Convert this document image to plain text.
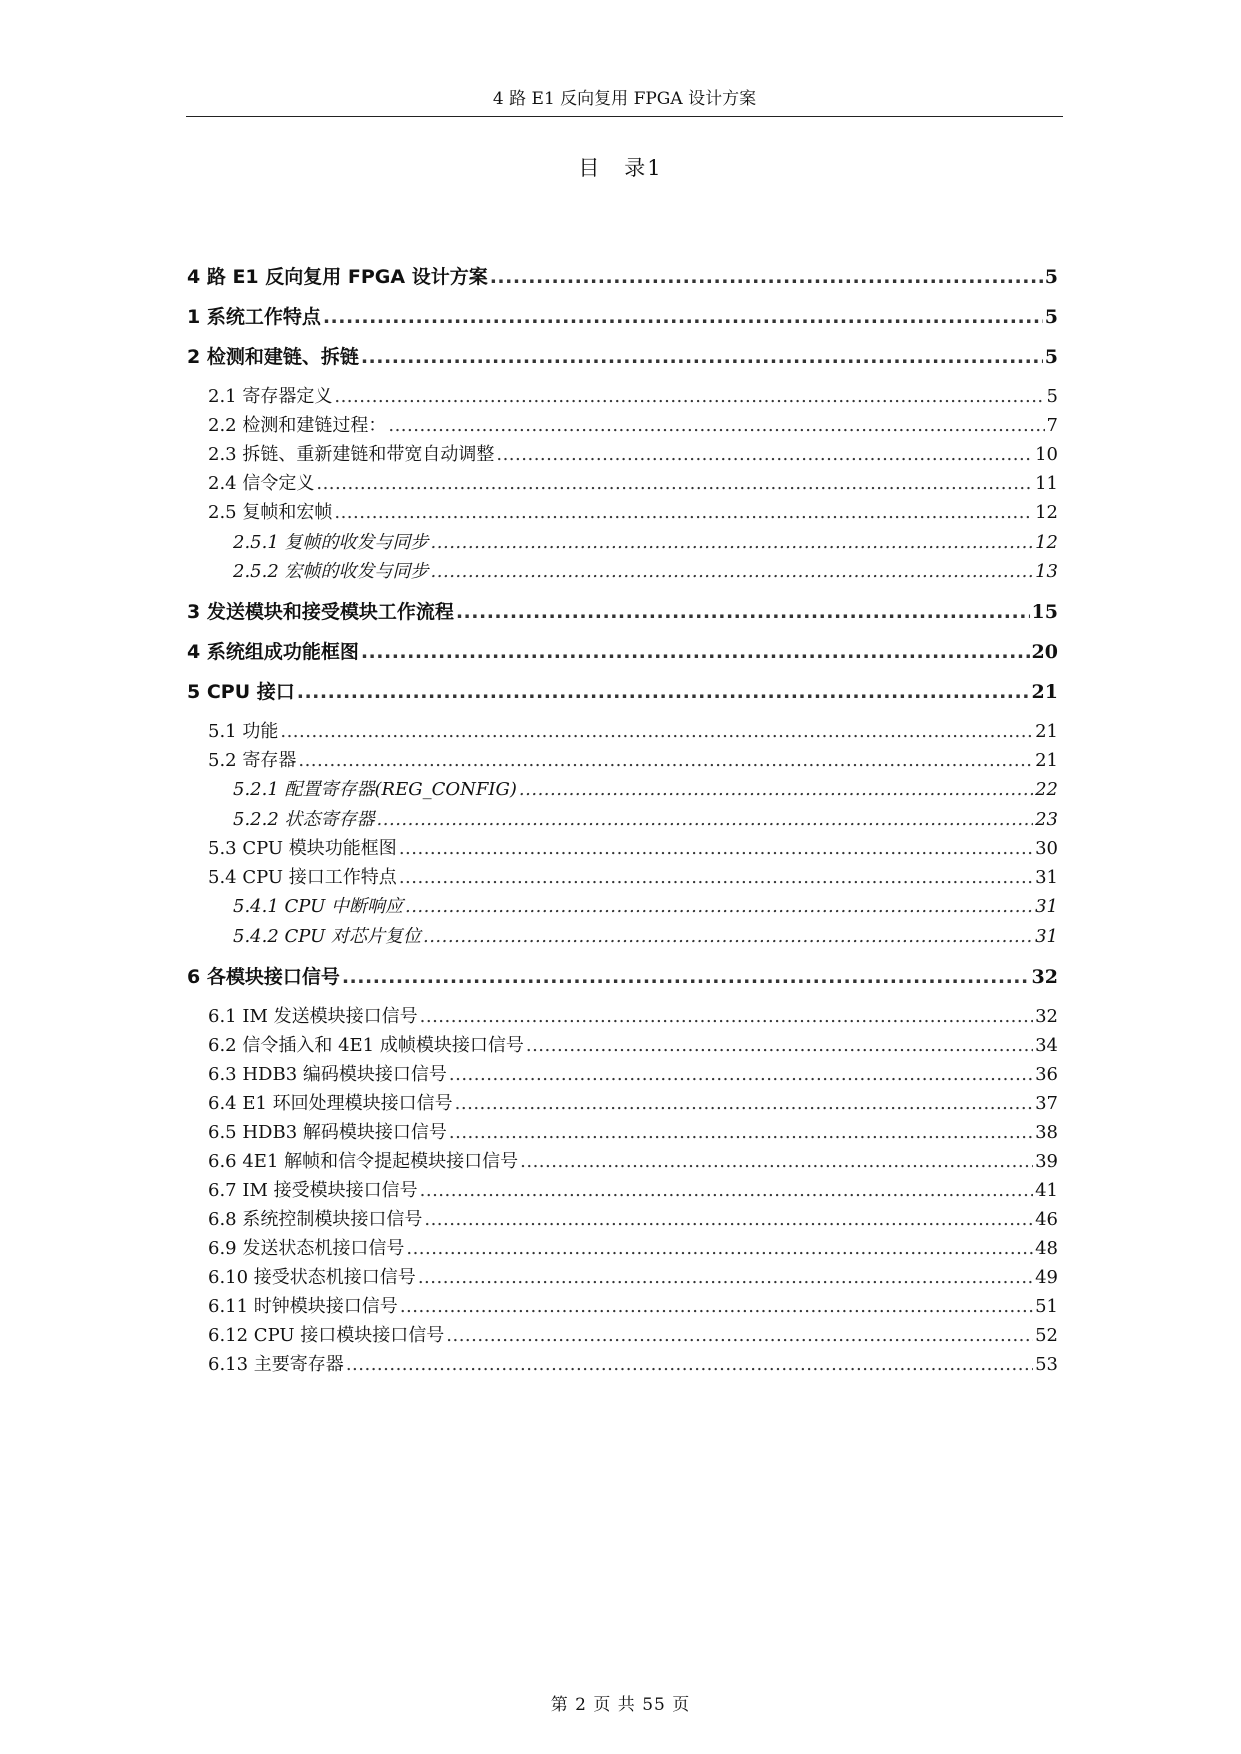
4 路 E1 反向复用 FPGA 设计方案
目　录1
4 路 E1 反向复用 FPGA 设计方案 .....	5
1 系统工作特点 .....	5
2 检测和建链、拆链 .....	5
2.1 寄存器定义 .....	5
2.2 检测和建链过程： .....	7
2.3 拆链、重新建链和带宽自动调整 .....	10
2.4 信令定义 .....	11
2.5 复帧和宏帧 .....	12
2.5.1 复帧的收发与同步 .....	12
2.5.2 宏帧的收发与同步 .....	13
3 发送模块和接受模块工作流程 .....	15
4 系统组成功能框图 .....	20
5 CPU 接口 .....	21
5.1 功能 .....	21
5.2 寄存器 .....	21
5.2.1 配置寄存器(REG_CONFIG) .....	22
5.2.2 状态寄存器 .....	23
5.3 CPU 模块功能框图 .....	30
5.4 CPU 接口工作特点 .....	31
5.4.1 CPU 中断响应 .....	31
5.4.2 CPU 对芯片复位 .....	31
6 各模块接口信号 .....	32
6.1 IM 发送模块接口信号 .....	32
6.2 信令插入和 4E1 成帧模块接口信号 .....	34
6.3 HDB3 编码模块接口信号 .....	36
6.4 E1 环回处理模块接口信号 .....	37
6.5 HDB3 解码模块接口信号 .....	38
6.6 4E1 解帧和信令提起模块接口信号 .....	39
6.7 IM 接受模块接口信号 .....	41
6.8 系统控制模块接口信号 .....	46
6.9 发送状态机接口信号 .....	48
6.10 接受状态机接口信号 .....	49
6.11 时钟模块接口信号 .....	51
6.12 CPU 接口模块接口信号 .....	52
6.13 主要寄存器 .....	53
第 2 页 共 55 页
